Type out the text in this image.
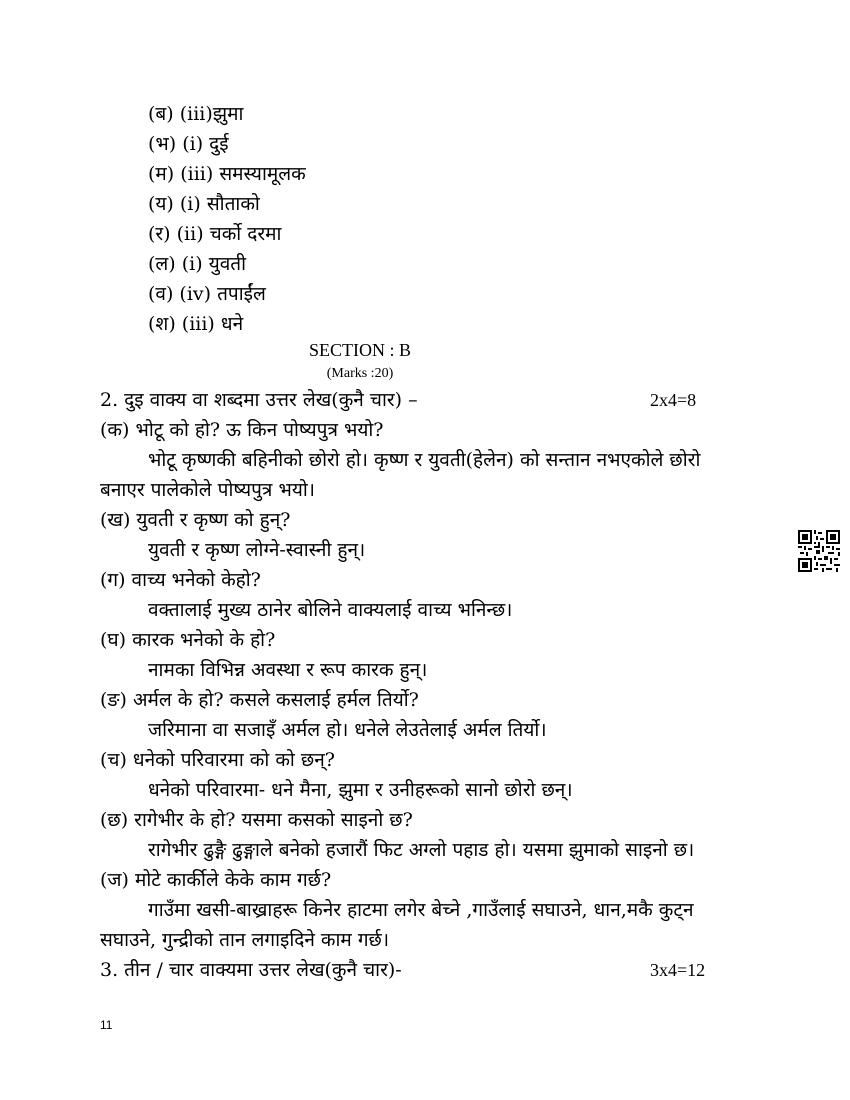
(ब) (iii)झुमा
(भ) (i) दुई
(म) (iii) समस्यामूलक
(य) (i) सौताको
(र) (ii) चर्को दरमा
(ल) (i) युवती
(व) (iv) तपाईंल
(श) (iii) धने
SECTION : B
(Marks :20)
2. दुइ वाक्य वा शब्दमा उत्तर लेख(कुनै चार) –	2x4=8
(क) भोटू को हो? ऊ किन पोष्यपुत्र भयो?
भोटू कृष्णकी बहिनीको छोरो हो। कृष्ण र युवती(हेलेन) को सन्तान नभएकोले छोरो
बनाएर पालेकोले पोष्यपुत्र भयो।
(ख) युवती र कृष्ण को हुन्?
युवती र कृष्ण लोग्ने-स्वास्नी हुन्।
(ग) वाच्य भनेको केहो?
वक्तालाई मुख्य ठानेर बोलिने वाक्यलाई वाच्य भनिन्छ।
(घ) कारक भनेको के हो?
नामका विभिन्न अवस्था र रूप कारक हुन्।
(ङ) अर्मल के हो? कसले कसलाई हर्मल तिर्यो?
जरिमाना वा सजाइँ अर्मल हो। धनेले लेउतेलाई अर्मल तिर्यो।
(च) धनेको परिवारमा को को छन्?
धनेको परिवारमा- धने मैना, झुमा र उनीहरूको सानो छोरो छन्।
(छ) रागेभीर के हो? यसमा कसको साइनो छ?
रागेभीर ढुङ्गै ढुङ्गाले बनेको हजारौं फिट अग्लो पहाड हो। यसमा झुमाको साइनो छ।
(ज) मोटे कार्कीले केके काम गर्छ?
गाउँमा खसी-बाख्राहरू किनेर हाटमा लगेर बेच्ने ,गाउँलाई सघाउने, धान,मकै कुट्न
सघाउने, गुन्द्रीको तान लगाइदिने काम गर्छ।
3. तीन / चार वाक्यमा उत्तर लेख(कुनै चार)-	3x4=12
11
